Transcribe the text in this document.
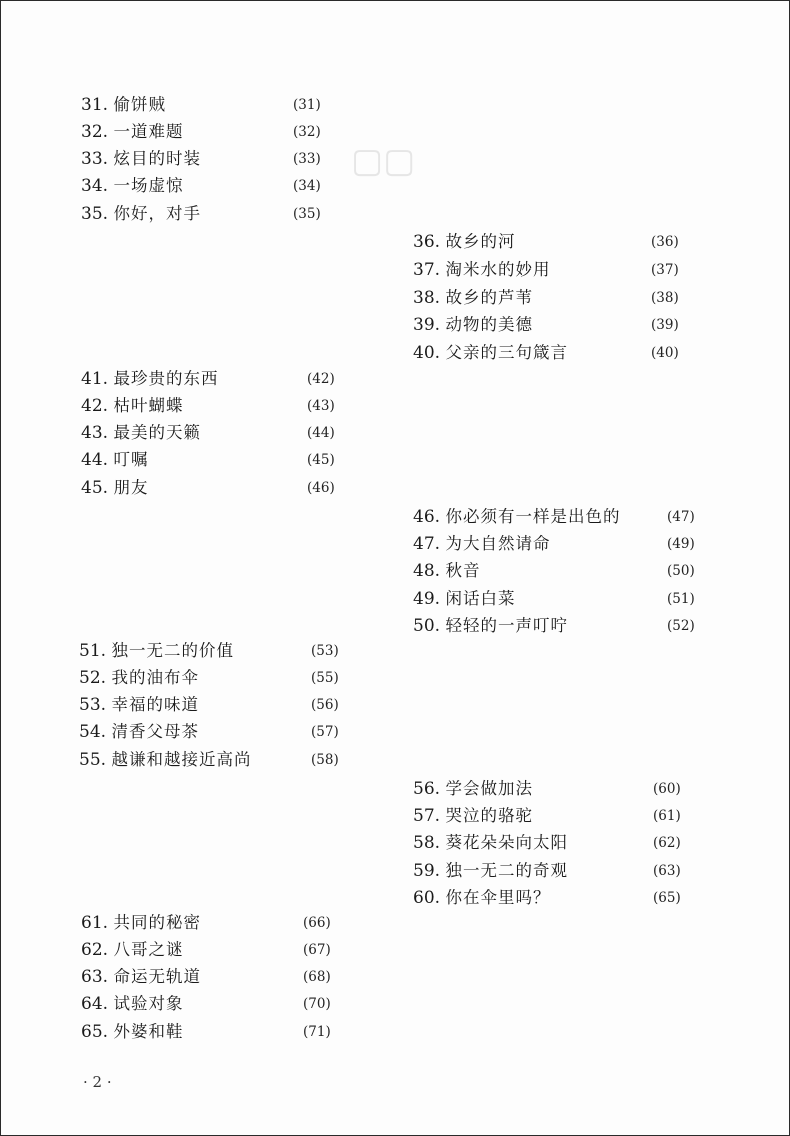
▢▢
31. 偷饼贼	( 31 )
32. 一道难题	( 32 )
33. 炫目的时装	( 33 )
34. 一场虚惊	( 34 )
35. 你好，对手	( 35 )
36. 故乡的河	( 36 )
37. 淘米水的妙用	( 37 )
38. 故乡的芦苇	( 38 )
39. 动物的美德	( 39 )
40. 父亲的三句箴言	( 40 )
41. 最珍贵的东西	( 42 )
42. 枯叶蝴蝶	( 43 )
43. 最美的天籁	( 44 )
44. 叮嘱	( 45 )
45. 朋友	( 46 )
46. 你必须有一样是出色的	( 47 )
47. 为大自然请命	( 49 )
48. 秋音	( 50 )
49. 闲话白菜	( 51 )
50. 轻轻的一声叮咛	( 52 )
51. 独一无二的价值	( 53 )
52. 我的油布伞	( 55 )
53. 幸福的味道	( 56 )
54. 清香父母茶	( 57 )
55. 越谦和越接近高尚	( 58 )
56. 学会做加法	( 60 )
57. 哭泣的骆驼	( 61 )
58. 葵花朵朵向太阳	( 62 )
59. 独一无二的奇观	( 63 )
60. 你在伞里吗？	( 65 )
61. 共同的秘密	( 66 )
62. 八哥之谜	( 67 )
63. 命运无轨道	( 68 )
64. 试验对象	( 70 )
65. 外婆和鞋	( 71 )
· 2 ·
